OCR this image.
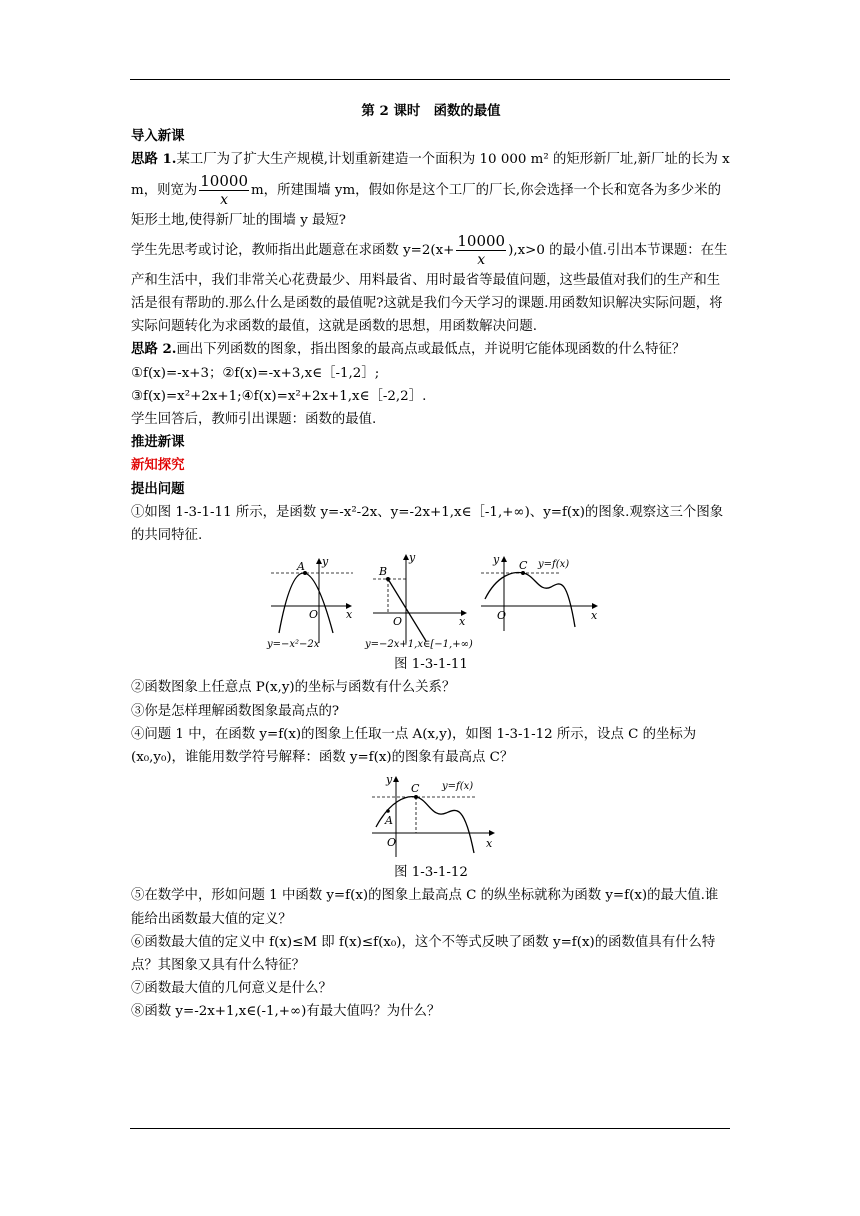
第 2 课时　函数的最值

导入新课

思路 1.某工厂为了扩大生产规模,计划重新建造一个面积为 10 000 m² 的矩形新厂址,新厂址的长为 x m，则宽为 $\frac{10000}{x}$ m，所建围墙 ym，假如你是这个工厂的厂长,你会选择一个长和宽各为多少米的矩形土地,使得新厂址的围墙 y 最短?

学生先思考或讨论，教师指出此题意在求函数 $y=2(x+ \frac{10000}{x} ),x>0$ 的最小值.引出本节课题：在生产和生活中，我们非常关心花费最少、用料最省、用时最省等最值问题，这些最值对我们的生产和生活是很有帮助的.那么什么是函数的最值呢?这就是我们今天学习的课题.用函数知识解决实际问题，将实际问题转化为求函数的最值，这就是函数的思想，用函数解决问题.

思路 2.画出下列函数的图象，指出图象的最高点或最低点，并说明它能体现函数的什么特征？

①f(x)=-x+3；②f(x)=-x+3,x∈［-1,2］;

③f(x)=x²+2x+1;④f(x)=x²+2x+1,x∈［-2,2］.

学生回答后，教师引出课题：函数的最值.

推进新课

新知探究

提出问题

①如图 1-3-1-11 所示，是函数 y=-x²-2x、y=-2x+1,x∈［-1,+∞)、y=f(x)的图象.观察这三个图象的共同特征.

A
O	x
y
y=−x²−2x
B
O	x
y
y=−2x+1,x∈[−1,+∞)
C y=f(x)
O	x
y

图 1-3-1-11

②函数图象上任意点 P(x,y)的坐标与函数有什么关系？

③你是怎样理解函数图象最高点的?

④问题 1 中，在函数 y=f(x)的图象上任取一点 A(x,y)，如图 1-3-1-12 所示，设点 C 的坐标为(x₀,y₀)，谁能用数学符号解释：函数 y=f(x)的图象有最高点 C？

C y=f(x)
A
O	x
y

图 1-3-1-12

⑤在数学中，形如问题 1 中函数 y=f(x)的图象上最高点 C 的纵坐标就称为函数 y=f(x)的最大值.谁能给出函数最大值的定义？

⑥函数最大值的定义中 f(x)≤M 即 f(x)≤f(x₀)，这个不等式反映了函数 y=f(x)的函数值具有什么特点？其图象又具有什么特征？

⑦函数最大值的几何意义是什么？

⑧函数 y=-2x+1,x∈(-1,+∞)有最大值吗？为什么？
